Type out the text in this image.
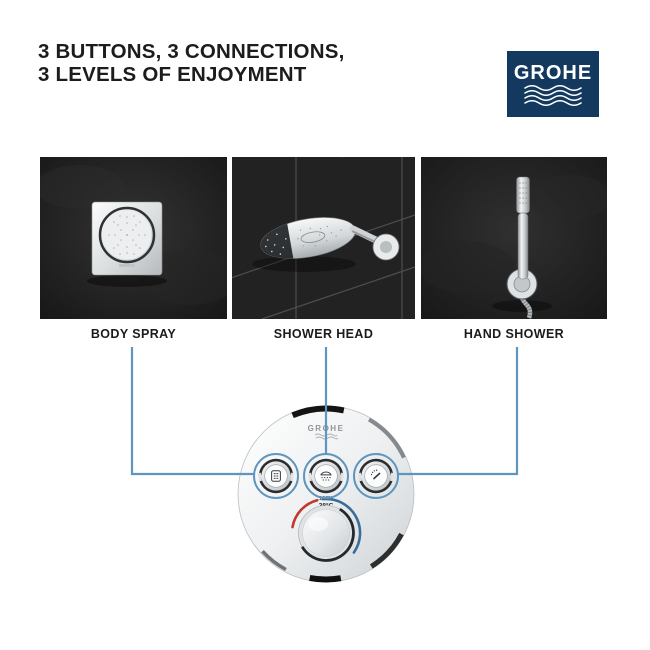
3 BUTTONS, 3 CONNECTIONS,
3 LEVELS OF ENJOYMENT	GROHE
BODY SPRAY	SHOWER HEAD	HAND SHOWER
GROHE
100%
